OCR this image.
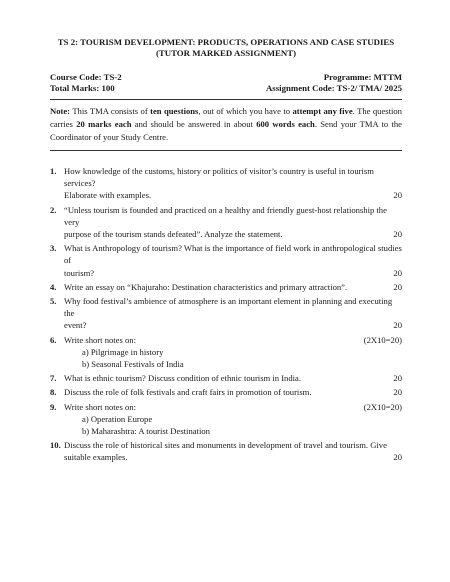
TS 2: TOURISM DEVELOPMENT: PRODUCTS, OPERATIONS AND CASE STUDIES
(TUTOR MARKED ASSIGNMENT)
Course Code: TS-2	Programme: MTTM
Total Marks: 100	Assignment Code: TS-2/ TMA/ 2025
Note: This TMA consists of ten questions, out of which you have to attempt any five. The question carries 20 marks each and should be answered in about 600 words each. Send your TMA to the Coordinator of your Study Centre.
1. How knowledge of the customs, history or politics of visitor’s country is useful in tourism services?
Elaborate with examples.	20
2. “Unless tourism is founded and practiced on a healthy and friendly guest-host relationship the very
purpose of the tourism stands defeated”. Analyze the statement.	20
3. What is Anthropology of tourism? What is the importance of field work in anthropological studies of
tourism?	20
4. Write an essay on “Khajuraho: Destination characteristics and primary attraction”.	20
5. Why food festival’s ambience of atmosphere is an important element in planning and executing the
event?	20
6. Write short notes on:	(2X10=20)
a) Pilgrimage in history
b) Seasonal Festivals of India
7. What is ethnic tourism? Discuss condition of ethnic tourism in India.	20
8. Discuss the role of folk festivals and craft fairs in promotion of tourism.	20
9. Write short notes on:	(2X10=20)
a) Operation Europe
b) Maharashtra: A tourist Destination
10. Discuss the role of historical sites and monuments in development of travel and tourism. Give
suitable examples.	20
